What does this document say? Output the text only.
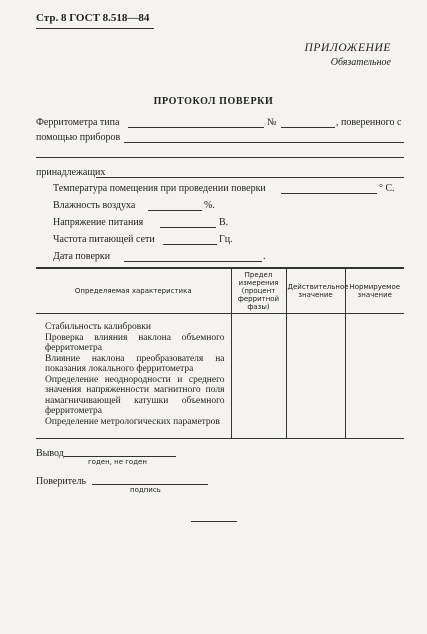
Стр. 8 ГОСТ 8.518—84
ПРИЛОЖЕНИЕ
Обязательное
ПРОТОКОЛ ПОВЕРКИ
Ферритометра типа	№	, поверенного с
помощью приборов
принадлежащих
Температура помещения при проведении поверки	° С.
Влажность воздуха	%.
Напряжение питания	В.
Частота питающей сети	Гц.
Дата поверки	.
Определяемая характеристика	Предел измерения (процент ферритной фазы)	Действительное значение	Нормируемое значение

Стабильность калибровки
Проверка влияния наклона объемного ферритометра
Влияние наклона преобразователя на показания локального ферритометра
Определение неоднородности и среднего значения напряженности магнитного поля намагничивающей катушки объемного ферритометра
Определение метрологических параметров			

Вывод
годен, не годен
Поверитель
подпись
